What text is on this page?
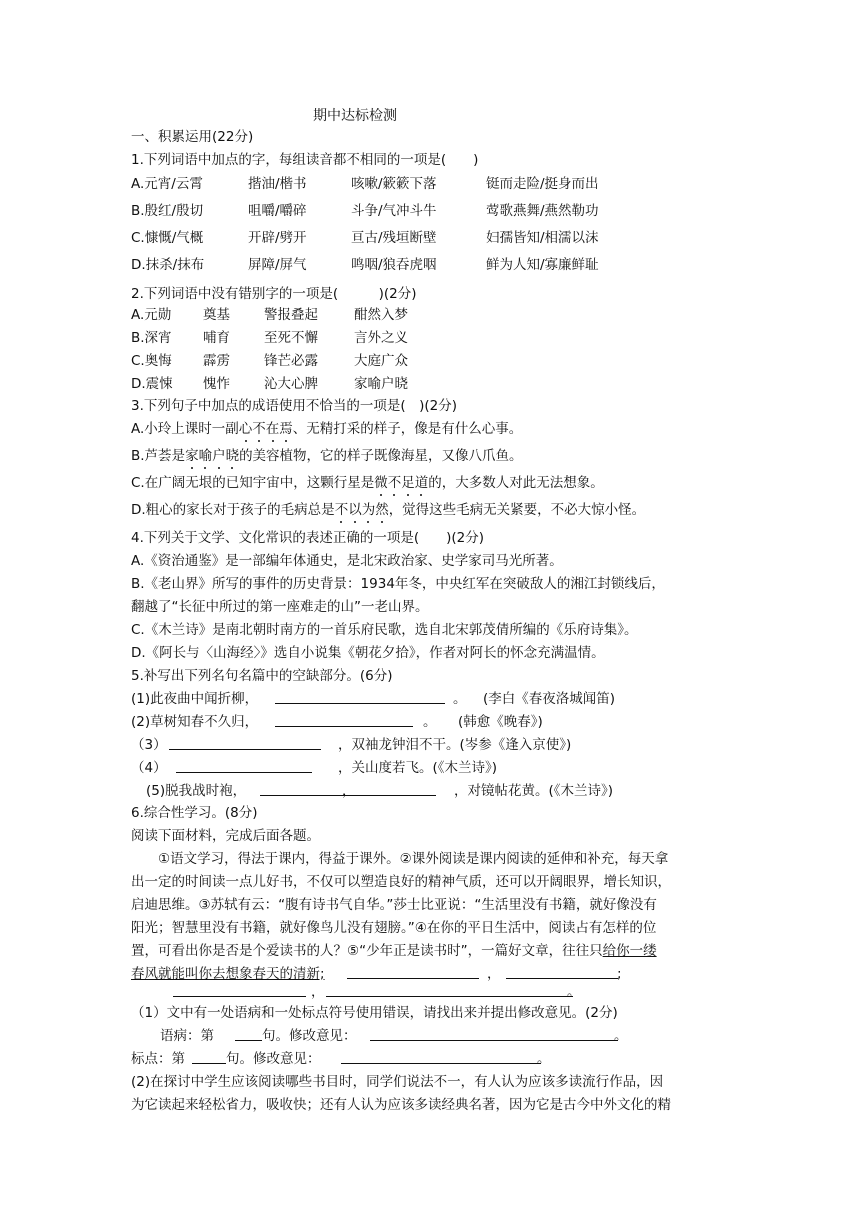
期中达标检测
一、积累运用(22分)
1.下列词语中加点的字，每组读音都不相同的一项是(　　)
A.元宵/云霄	揩油/楷书	咳嗽/簌簌下落	铤而走险/挺身而出
B.殷红/殷切	咀嚼/嚼碎	斗争/气冲斗牛	莺歌燕舞/燕然勒功
C.慷慨/气概	开辟/劈开	亘古/残垣断壁	妇孺皆知/相濡以沫
D.抹杀/抹布	屏障/屏气	鸣咽/狼吞虎咽	鲜为人知/寡廉鲜耻
2.下列词语中没有错别字的一项是(　　　)(2分)
A.元勋 奠基	警报叠起	酣然入梦
B.深宵 哺育	至死不懈	言外之义
C.奥悔 霹雳	锋芒必露	大庭广众
D.震悚 愧怍	沁大心脾	家喻户晓
3.下列句子中加点的成语使用不恰当的一项是(　)(2分)
A.小玲上课时一副心不在焉、无精打采的样子，像是有什么心事。
B.芦荟是家喻户晓的美容植物，它的样子既像海星，又像八爪鱼。
C.在广阔无垠的已知宇宙中，这颗行星是微不足道的，大多数人对此无法想象。
D.粗心的家长对于孩子的毛病总是不以为然，觉得这些毛病无关紧要，不必大惊小怪。
4.下列关于文学、文化常识的表述正确的一项是(　　)(2分)
A.《资治通鉴》是一部编年体通史，是北宋政治家、史学家司马光所著。
B.《老山界》所写的事件的历史背景：1934年冬，中央红军在突破敌人的湘江封锁线后，
翻越了“长征中所过的第一座难走的山”一老山界。
C.《木兰诗》是南北朝时南方的一首乐府民歌，选自北宋郭茂倩所编的《乐府诗集》。
D.《阿长与〈山海经〉》选自小说集《朝花夕拾》，作者对阿长的怀念充满温情。
5.补写出下列名句名篇中的空缺部分。(6分)
(1)此夜曲中闻折柳，	。 (李白《春夜洛城闻笛)
(2)草树知春不久归，	。 (韩愈《晚春》)
（3）	，双袖龙钟泪不干。(岑参《逢入京使》)
（4）	，关山度若飞。(《木兰诗》)
(5)脱我战时袍，	，	，对镜帖花黄。(《木兰诗》)
6.综合性学习。(8分)
阅读下面材料，完成后面各题。
①语文学习，得法于课内，得益于课外。②课外阅读是课内阅读的延伸和补充，每天拿
出一定的时间读一点儿好书，不仅可以塑造良好的精神气质，还可以开阔眼界，增长知识，
启迪思维。③苏轼有云：“腹有诗书气自华。”莎士比亚说：“生活里没有书籍，就好像没有
阳光；智慧里没有书籍，就好像鸟儿没有翅膀。”④在你的平日生活中，阅读占有怎样的位
置，可看出你是否是个爱读书的人？⑤“少年正是读书时”，一篇好文章，往往只给你一缕
春风就能叫你去想象春天的清新;	，	;
，	。
（1）文中有一处语病和一处标点符号使用错误，请找出来并提出修改意见。(2分)
语病：第	句。修改意见：	。
标点：第	句。修改意见：	。
(2)在探讨中学生应该阅读哪些书目时，同学们说法不一，有人认为应该多读流行作品，因
为它读起来轻松省力，吸收快；还有人认为应该多读经典名著，因为它是古今中外文化的精
